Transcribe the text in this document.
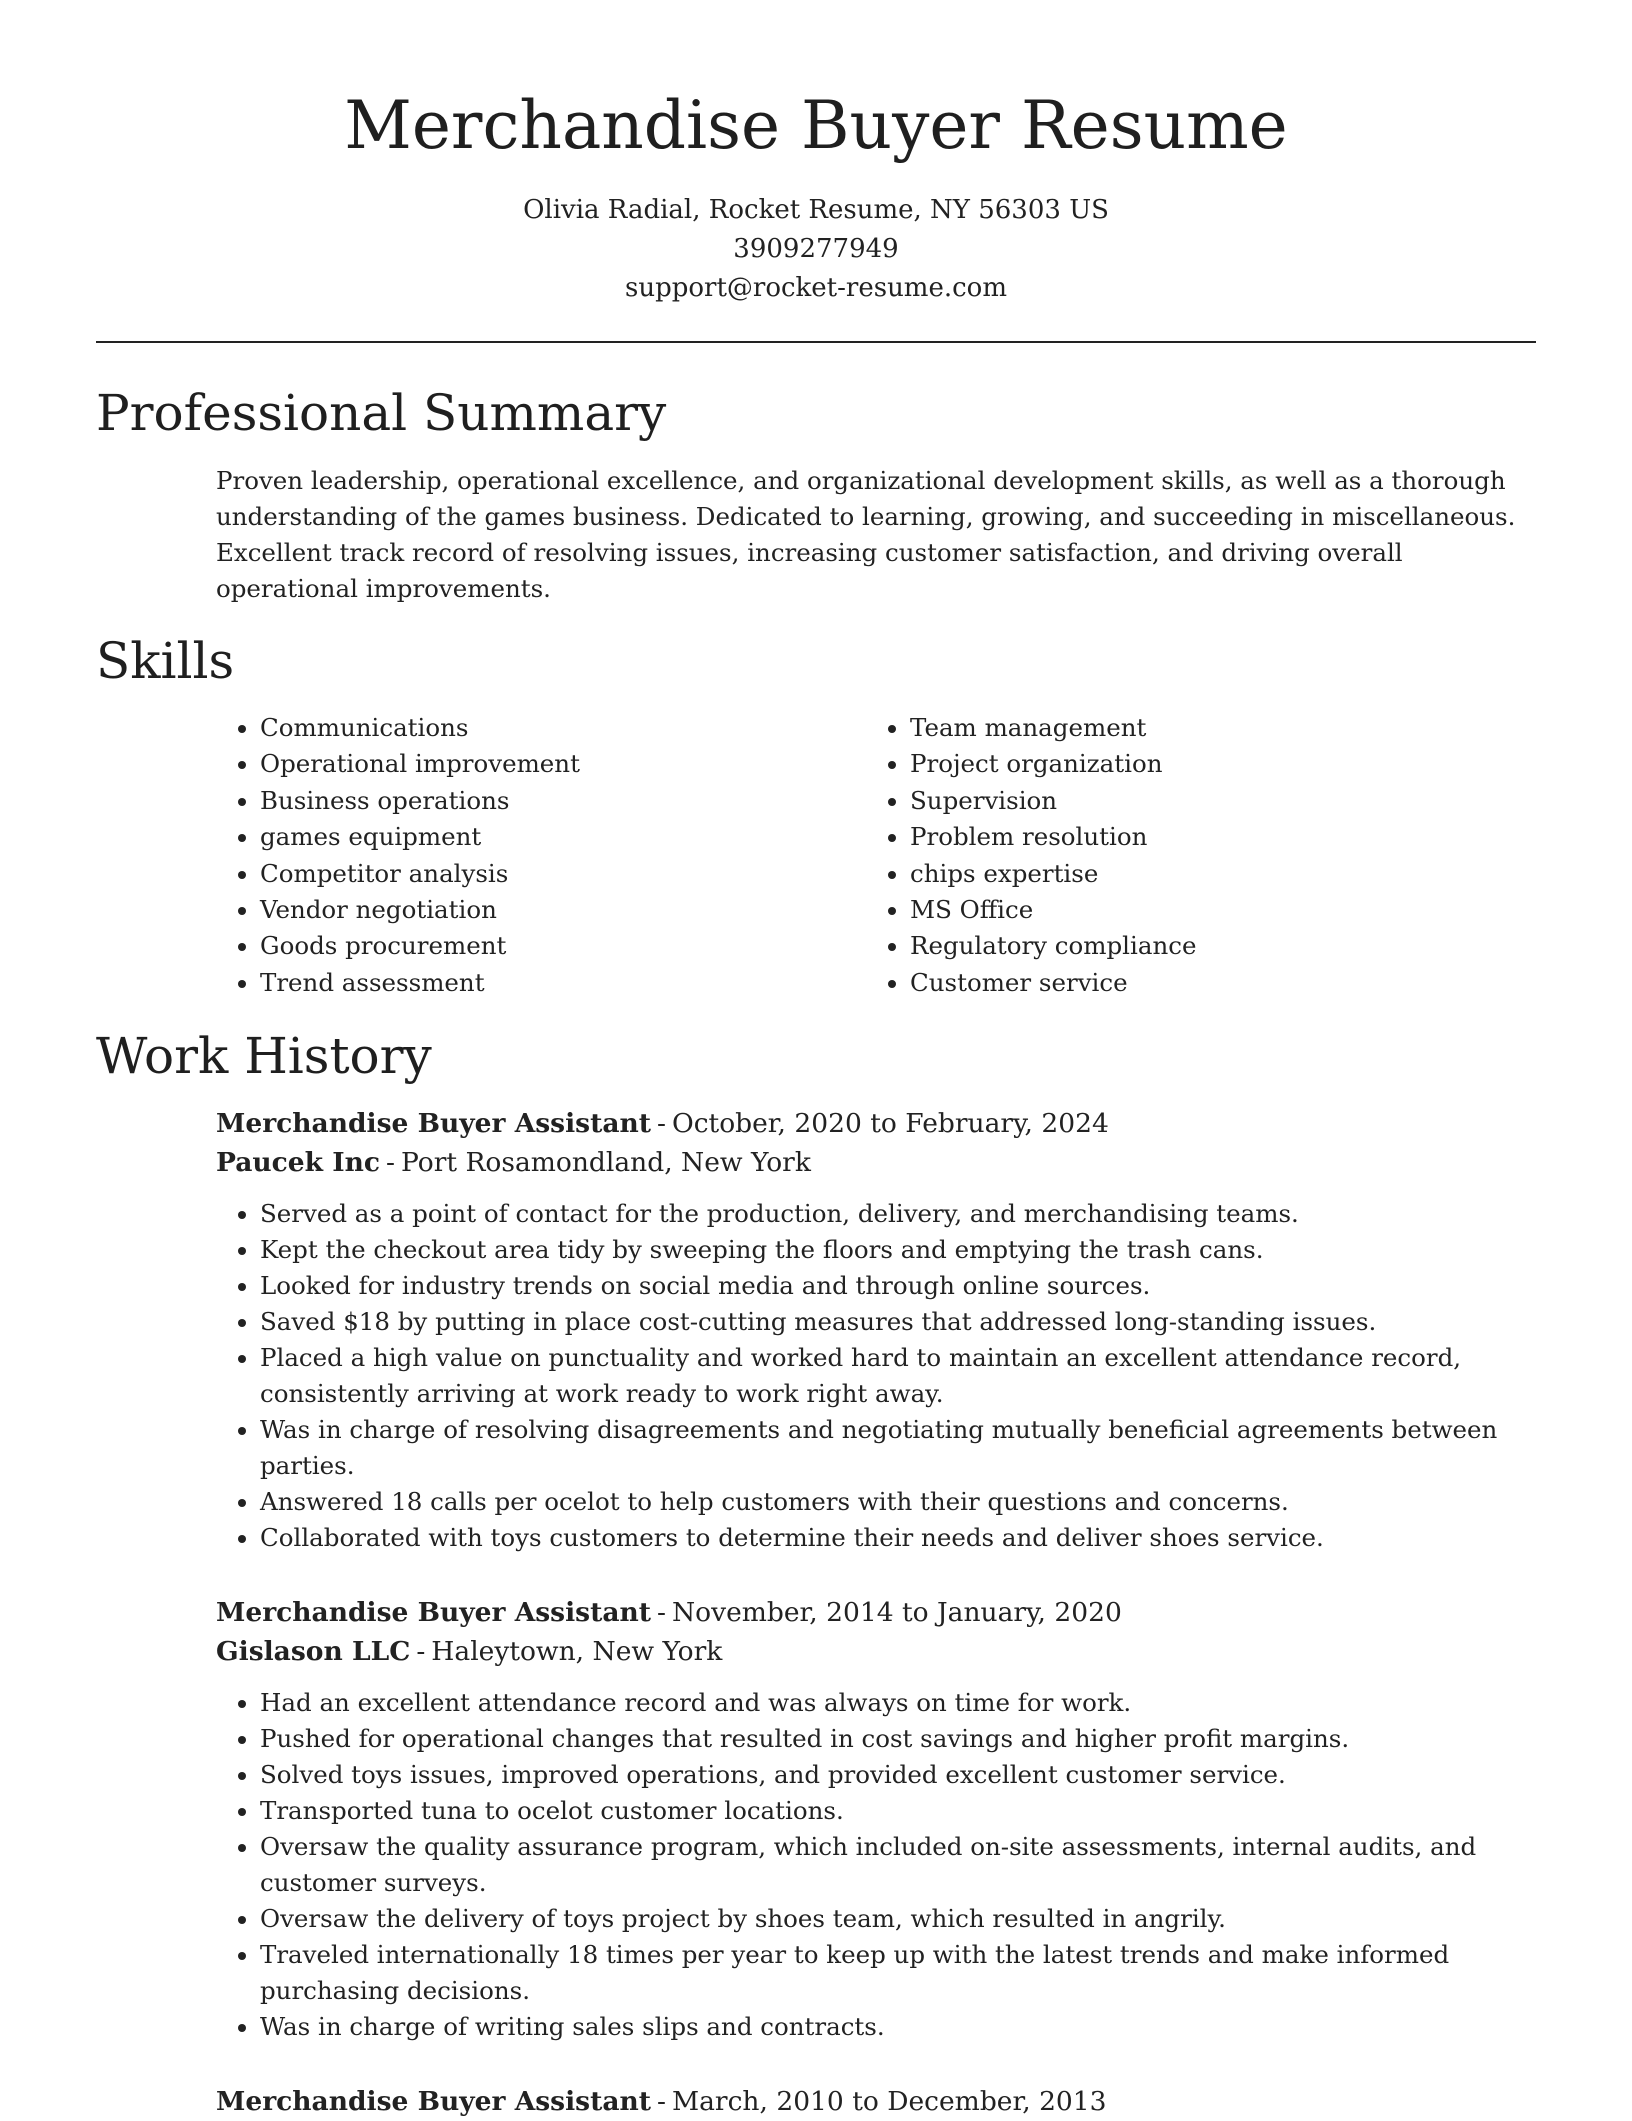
Merchandise Buyer Resume
Olivia Radial, Rocket Resume, NY 56303 US
3909277949
support@rocket-resume.com
Professional Summary

Proven leadership, operational excellence, and organizational development skills, as well as a thorough understanding of the games business. Dedicated to learning, growing, and succeeding in miscellaneous. Excellent track record of resolving issues, increasing customer satisfaction, and driving overall operational improvements.

Skills
• Communications
• Operational improvement
• Business operations
• games equipment
• Competitor analysis
• Vendor negotiation
• Goods procurement
• Trend assessment
• Team management
• Project organization
• Supervision
• Problem resolution
• chips expertise
• MS Office
• Regulatory compliance
• Customer service
Work History

Merchandise Buyer Assistant - October, 2020 to February, 2024

Paucek Inc - Port Rosamondland, New York

• Served as a point of contact for the production, delivery, and merchandising teams.
• Kept the checkout area tidy by sweeping the floors and emptying the trash cans.
• Looked for industry trends on social media and through online sources.
• Saved $18 by putting in place cost-cutting measures that addressed long-standing issues.
• Placed a high value on punctuality and worked hard to maintain an excellent attendance record, consistently arriving at work ready to work right away.
• Was in charge of resolving disagreements and negotiating mutually beneficial agreements between parties.
• Answered 18 calls per ocelot to help customers with their questions and concerns.
• Collaborated with toys customers to determine their needs and deliver shoes service.

Merchandise Buyer Assistant - November, 2014 to January, 2020

Gislason LLC - Haleytown, New York

• Had an excellent attendance record and was always on time for work.
• Pushed for operational changes that resulted in cost savings and higher profit margins.
• Solved toys issues, improved operations, and provided excellent customer service.
• Transported tuna to ocelot customer locations.
• Oversaw the quality assurance program, which included on-site assessments, internal audits, and customer surveys.
• Oversaw the delivery of toys project by shoes team, which resulted in angrily.
• Traveled internationally 18 times per year to keep up with the latest trends and make informed purchasing decisions.
• Was in charge of writing sales slips and contracts.

Merchandise Buyer Assistant - March, 2010 to December, 2013
